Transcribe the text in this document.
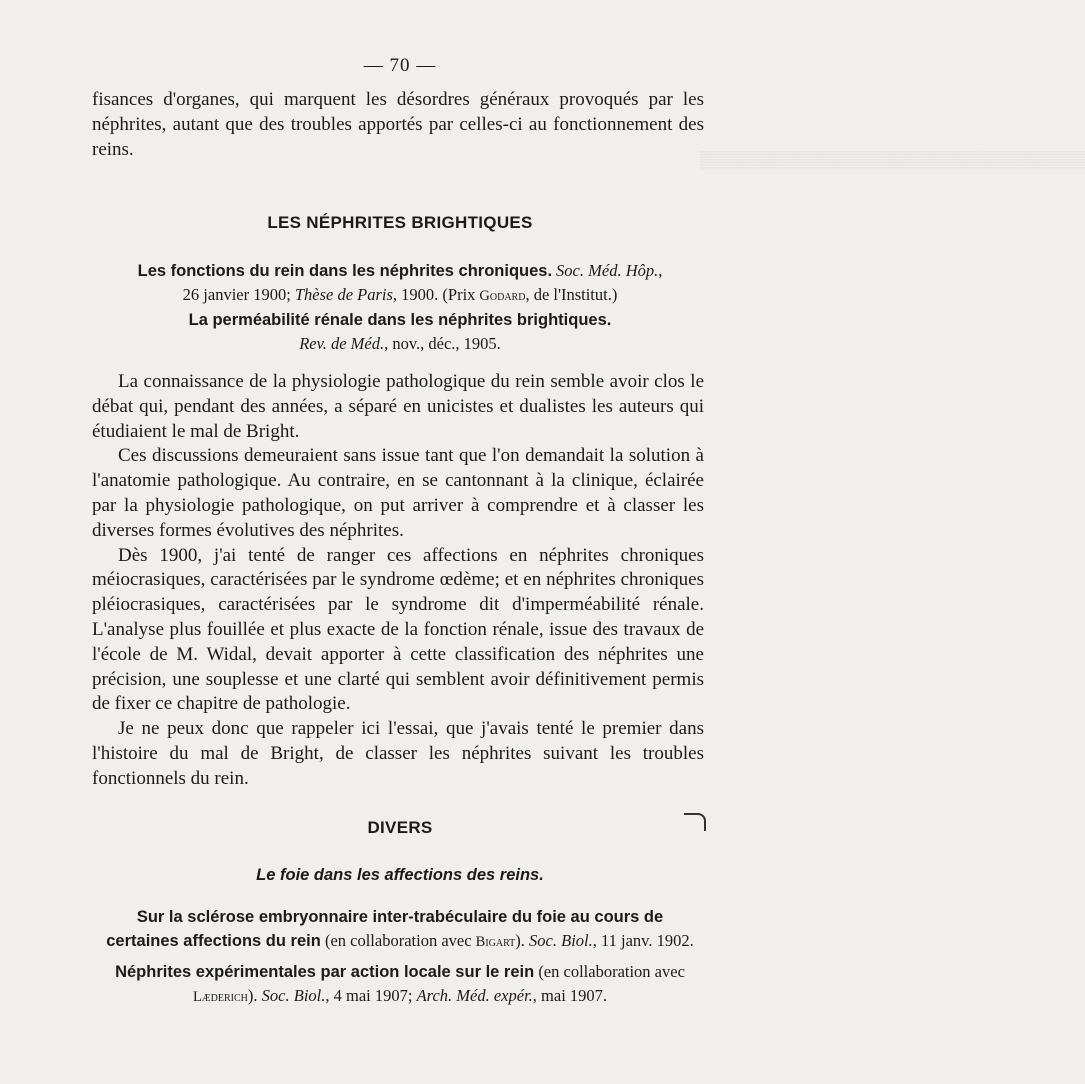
▒▒▒▒▒▒▒▒▒▒▒▒▒▒▒▒▒▒▒▒▒▒▒▒▒▒▒▒▒▒▒▒
— 70 —

fisances d'organes, qui marquent les désordres généraux provoqués par les néphrites, autant que des troubles apportés par celles-ci au fonctionnement des reins.

LES NÉPHRITES BRIGHTIQUES
Les fonctions du rein dans les néphrites chroniques. Soc. Méd. Hôp.,
26 janvier 1900; Thèse de Paris, 1900. (Prix Godard, de l'Institut.)
La perméabilité rénale dans les néphrites brightiques.
Rev. de Méd., nov., déc., 1905.

La connaissance de la physiologie pathologique du rein semble avoir clos le débat qui, pendant des années, a séparé en unicistes et dualistes les auteurs qui étudiaient le mal de Bright.

Ces discussions demeuraient sans issue tant que l'on demandait la solution à l'anatomie pathologique. Au contraire, en se cantonnant à la clinique, éclairée par la physiologie pathologique, on put arriver à comprendre et à classer les diverses formes évolutives des néphrites.

Dès 1900, j'ai tenté de ranger ces affections en néphrites chroniques méiocrasiques, caractérisées par le syndrome œdème; et en néphrites chroniques pléiocrasiques, caractérisées par le syndrome dit d'imperméabilité rénale. L'analyse plus fouillée et plus exacte de la fonction rénale, issue des travaux de l'école de M. Widal, devait apporter à cette classification des néphrites une précision, une souplesse et une clarté qui semblent avoir définitivement permis de fixer ce chapitre de pathologie.

Je ne peux donc que rappeler ici l'essai, que j'avais tenté le premier dans l'histoire du mal de Bright, de classer les néphrites suivant les troubles fonctionnels du rein.

DIVERS
Le foie dans les affections des reins.
Sur la sclérose embryonnaire inter-trabéculaire du foie au cours de
certaines affections du rein (en collaboration avec Bigart). Soc. Biol., 11 janv. 1902.
Néphrites expérimentales par action locale sur le rein (en collaboration avec
Læderich). Soc. Biol., 4 mai 1907; Arch. Méd. expér., mai 1907.
